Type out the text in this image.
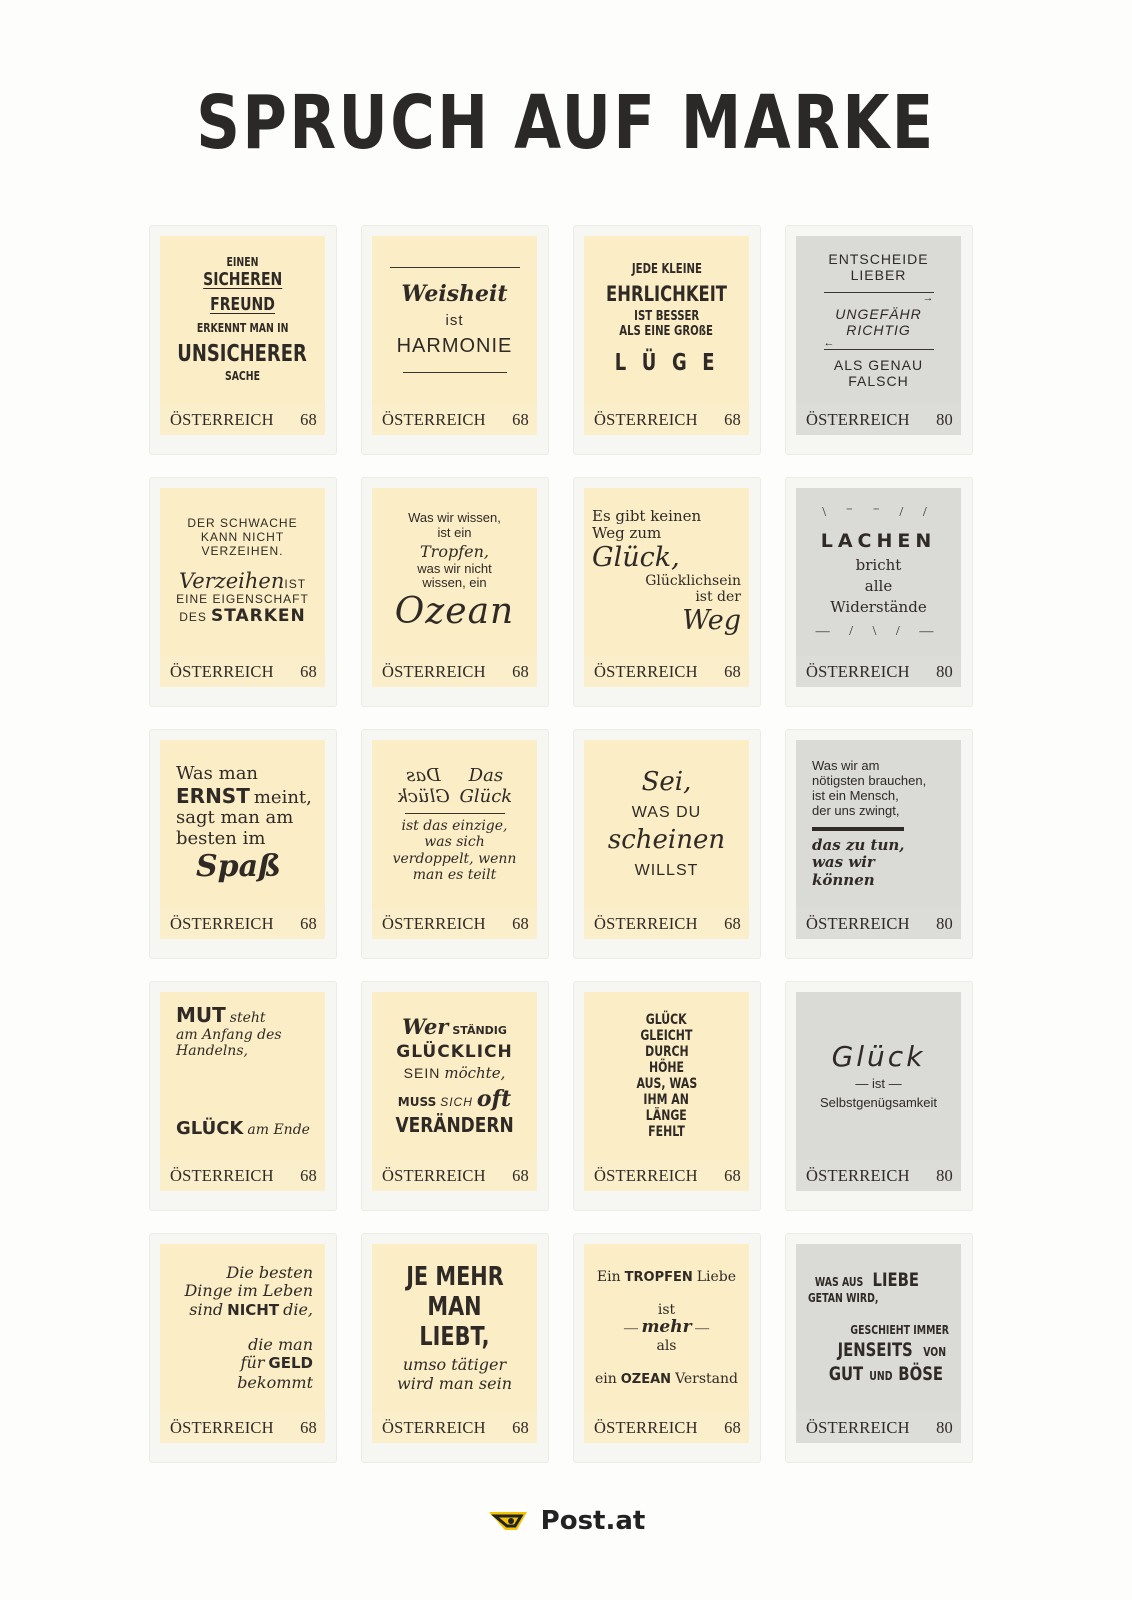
SPRUCH AUF MARKE
EINEN
SICHEREN
FREUND
ERKENNT MAN IN
UNSICHERER
SACHE
ÖSTERREICH 68
Weisheit
ist
HARMONIE
ÖSTERREICH 68
JEDE KLEINE
EHRLICHKEIT
IST BESSER
ALS EINE GROßE
L Ü G E
ÖSTERREICH 68
ENTSCHEIDE
LIEBER
→
UNGEFÄHR
RICHTIG
←
ALS GENAU
FALSCH
ÖSTERREICH 80
DER SCHWACHE
KANN NICHT
VERZEIHEN.
VerzeihenIST
EINE EIGENSCHAFT
DES STARKEN
ÖSTERREICH 68
Was wir wissen,
ist ein
Tropfen,
was wir nicht
wissen, ein
Ozean
ÖSTERREICH 68
Es gibt keinen
Weg zum
Glück,
Glücklichsein
ist der
Weg
ÖSTERREICH 68
\ ⁻ ⁻ / /
LACHEN
bricht
alle
Widerstände
— / \ / —
ÖSTERREICH 80
Was man
ERNST meint,
sagt man am
besten im
Spaß
ÖSTERREICH 68
Das
Glück
Das
Glück
ist das einzige,
was sich
verdoppelt, wenn
man es teilt
ÖSTERREICH 68
Sei,
WAS DU
scheinen
WILLST
ÖSTERREICH 68
Was wir am
nötigsten brauchen,
ist ein Mensch,
der uns zwingt,
das zu tun,
was wir
können
ÖSTERREICH 80
MUT steht
am Anfang des
Handelns,
GLÜCK am Ende
ÖSTERREICH 68
Wer STÄNDIG
GLÜCKLICH
SEIN möchte,
MUSS SICH oft
VERÄNDERN
ÖSTERREICH 68
GLÜCK
GLEICHT
DURCH
HÖHE
AUS, WAS
IHM AN
LÄNGE
FEHLT
ÖSTERREICH 68
Glück
— ist —
Selbstgenügsamkeit
ÖSTERREICH 80
Die besten
Dinge im Leben
sind NICHT die,
die man
für GELD
bekommt
ÖSTERREICH 68
JE MEHR
MAN LIEBT,
umso tätiger
wird man sein
ÖSTERREICH 68
Ein TROPFEN Liebe
ist
— mehr —
als
ein OZEAN Verstand
ÖSTERREICH 68
WAS AUS LIEBE
GETAN WIRD,
GESCHIEHT IMMER
JENSEITS VON
GUT UND BÖSE
ÖSTERREICH 80
Post.at
